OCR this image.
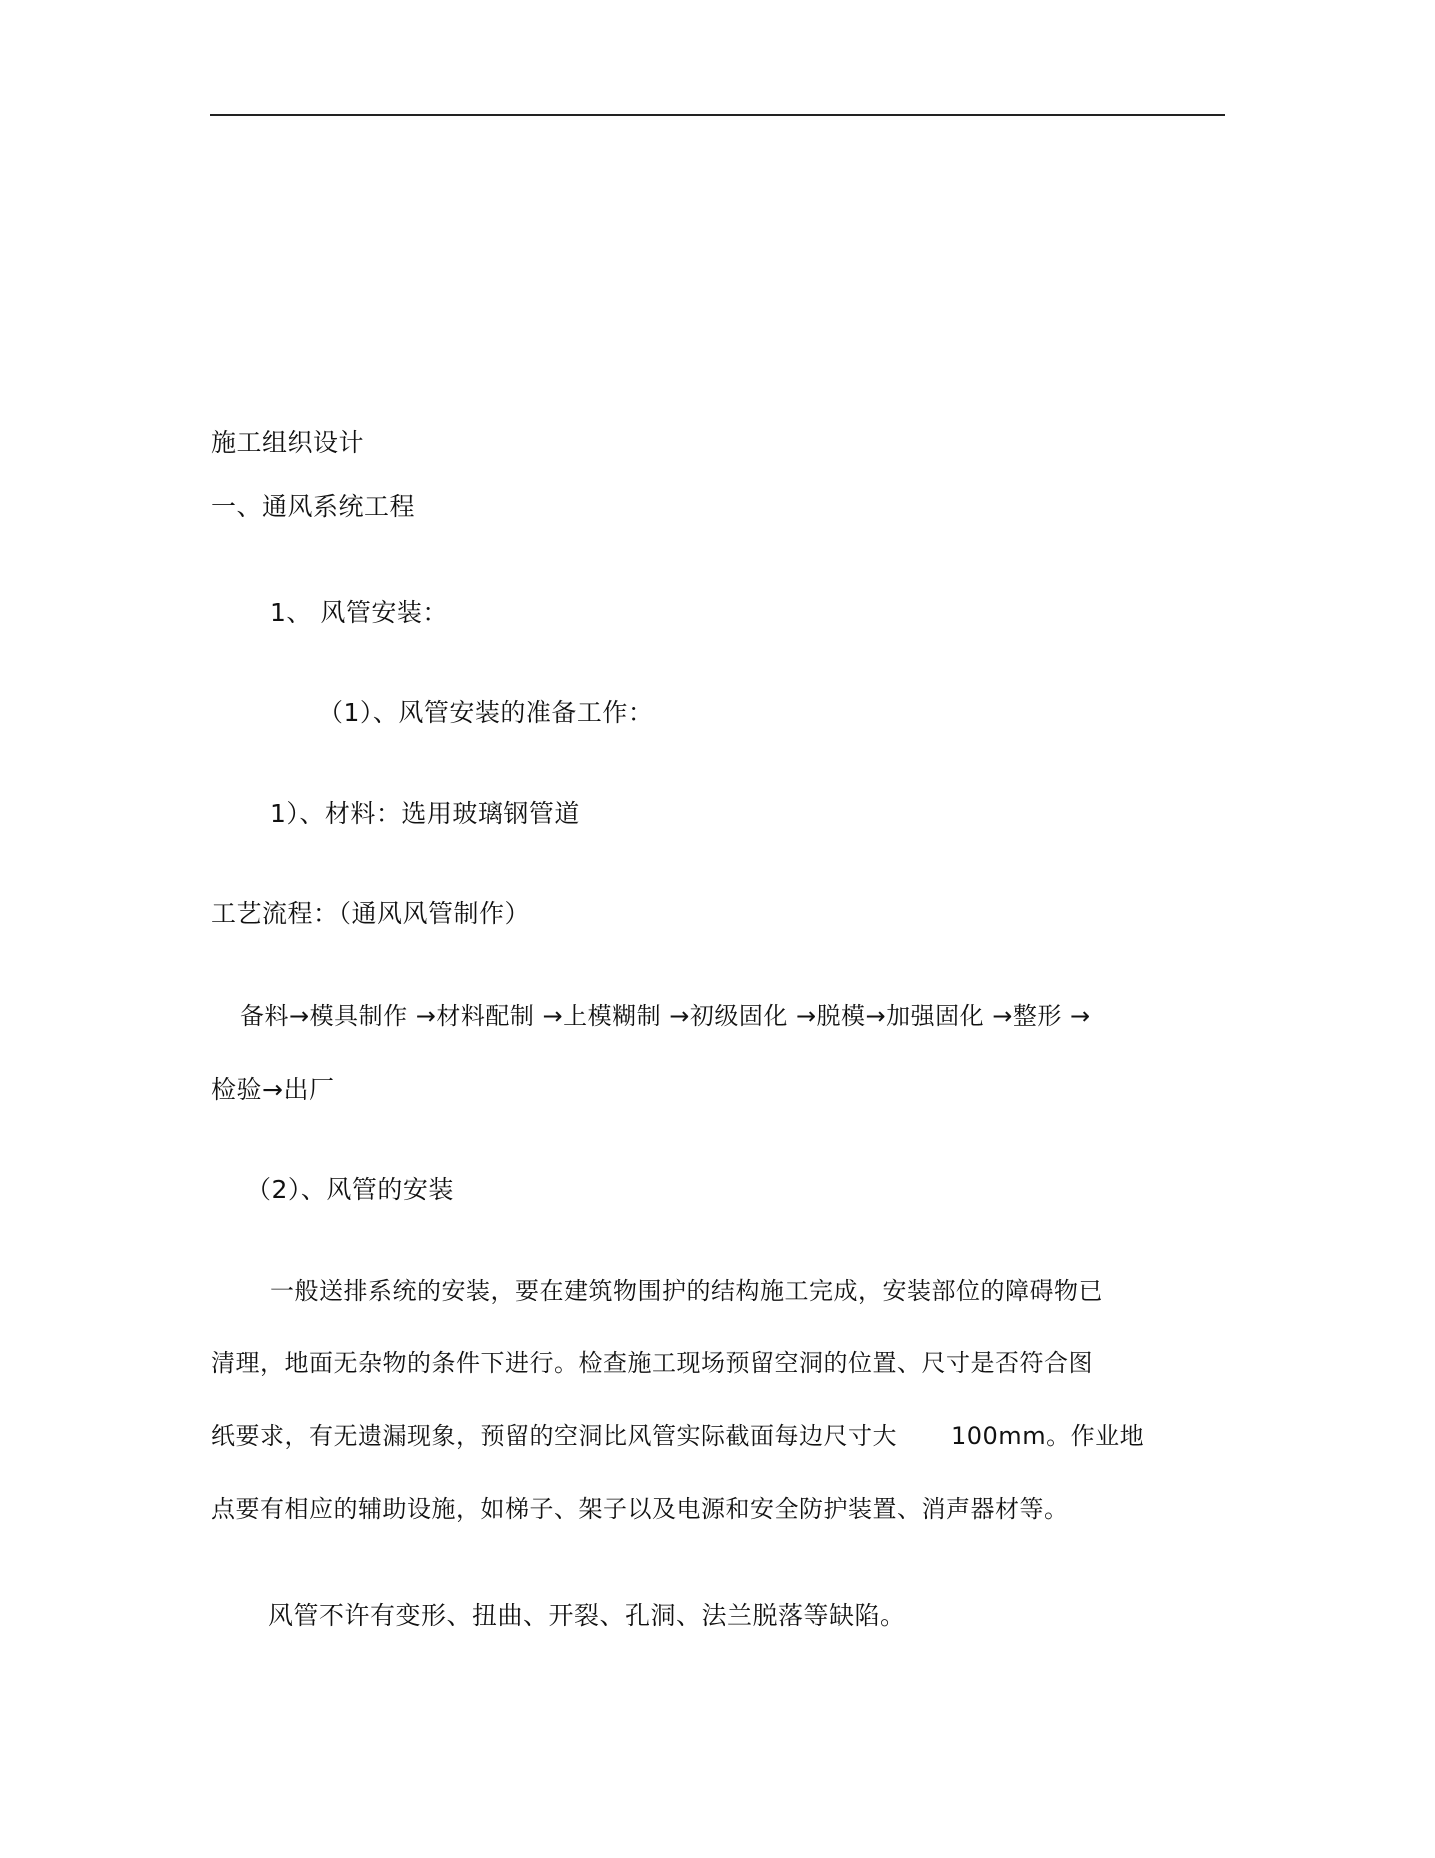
施工组织设计
一、通风系统工程
1、 风管安装：
（1）、风管安装的准备工作：
1）、材料：选用玻璃钢管道
工艺流程：（通风风管制作）
备料→模具制作 →材料配制 →上模糊制 →初级固化 →脱模→加强固化 →整形 →
检验→出厂
（2）、风管的安装
一般送排系统的安装，要在建筑物围护的结构施工完成，安装部位的障碍物已
清理，地面无杂物的条件下进行。检查施工现场预留空洞的位置、尺寸是否符合图
纸要求，有无遗漏现象，预留的空洞比风管实际截面每边尺寸大 100mm。作业地
点要有相应的辅助设施，如梯子、架子以及电源和安全防护装置、消声器材等。
风管不许有变形、扭曲、开裂、孔洞、法兰脱落等缺陷。
